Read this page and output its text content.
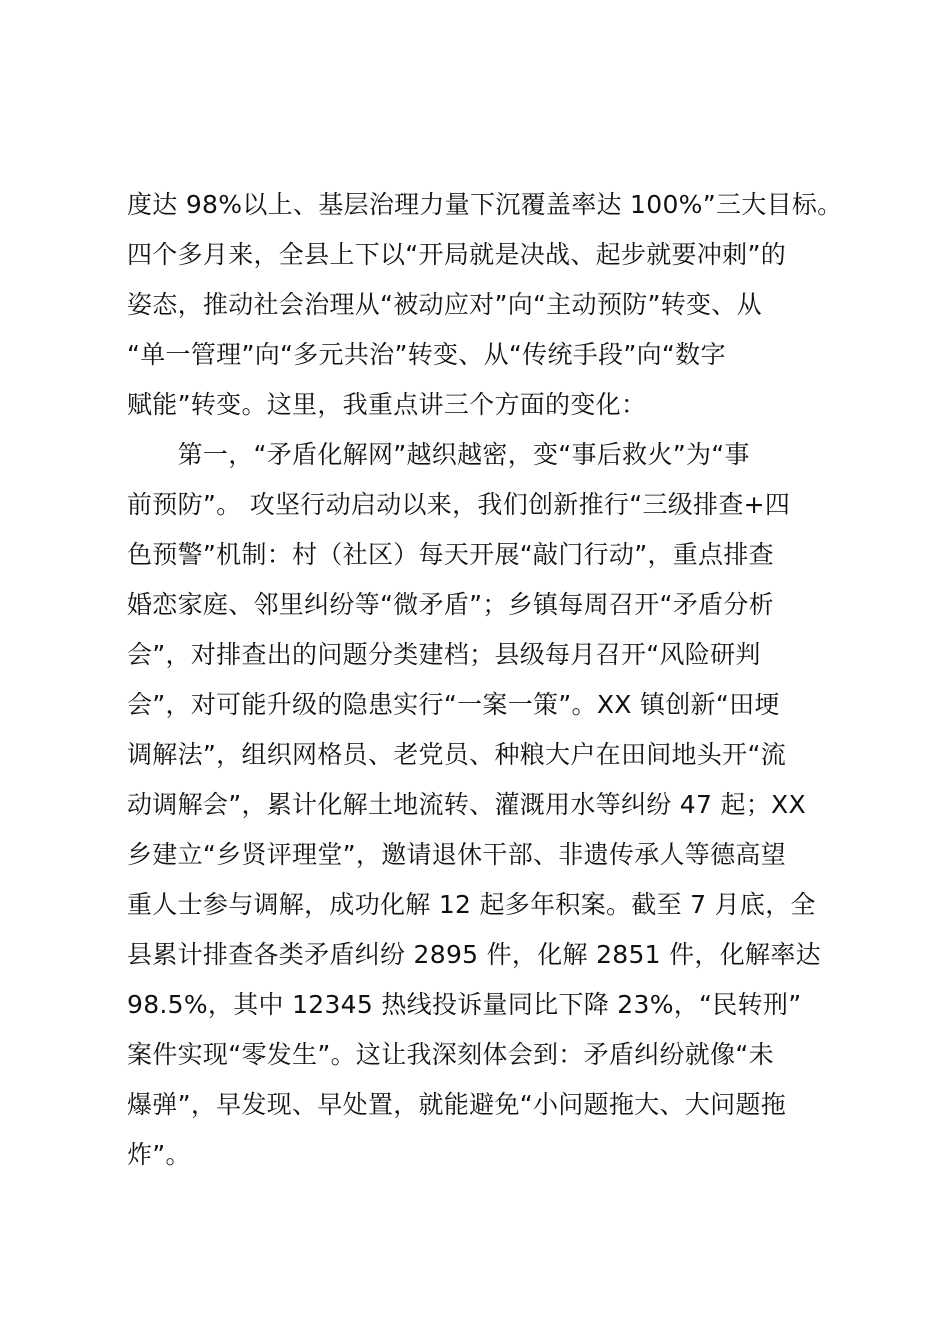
度达 98%以上、基层治理力量下沉覆盖率达 100%”三大目标。
四个多月来，全县上下以“开局就是决战、起步就要冲刺”的
姿态，推动社会治理从“被动应对”向“主动预防”转变、从
“单一管理”向“多元共治”转变、从“传统手段”向“数字
赋能”转变。这里，我重点讲三个方面的变化：
　　第一，“矛盾化解网”越织越密，变“事后救火”为“事
前预防”。 攻坚行动启动以来，我们创新推行“三级排查+四
色预警”机制：村（社区）每天开展“敲门行动”，重点排查
婚恋家庭、邻里纠纷等“微矛盾”；乡镇每周召开“矛盾分析
会”，对排查出的问题分类建档；县级每月召开“风险研判
会”，对可能升级的隐患实行“一案一策”。XX 镇创新“田埂
调解法”，组织网格员、老党员、种粮大户在田间地头开“流
动调解会”，累计化解土地流转、灌溉用水等纠纷 47 起；XX
乡建立“乡贤评理堂”，邀请退休干部、非遗传承人等德高望
重人士参与调解，成功化解 12 起多年积案。截至 7 月底，全
县累计排查各类矛盾纠纷 2895 件，化解 2851 件，化解率达
98.5%，其中 12345 热线投诉量同比下降 23%，“民转刑”
案件实现“零发生”。这让我深刻体会到：矛盾纠纷就像“未
爆弹”，早发现、早处置，就能避免“小问题拖大、大问题拖
炸”。
